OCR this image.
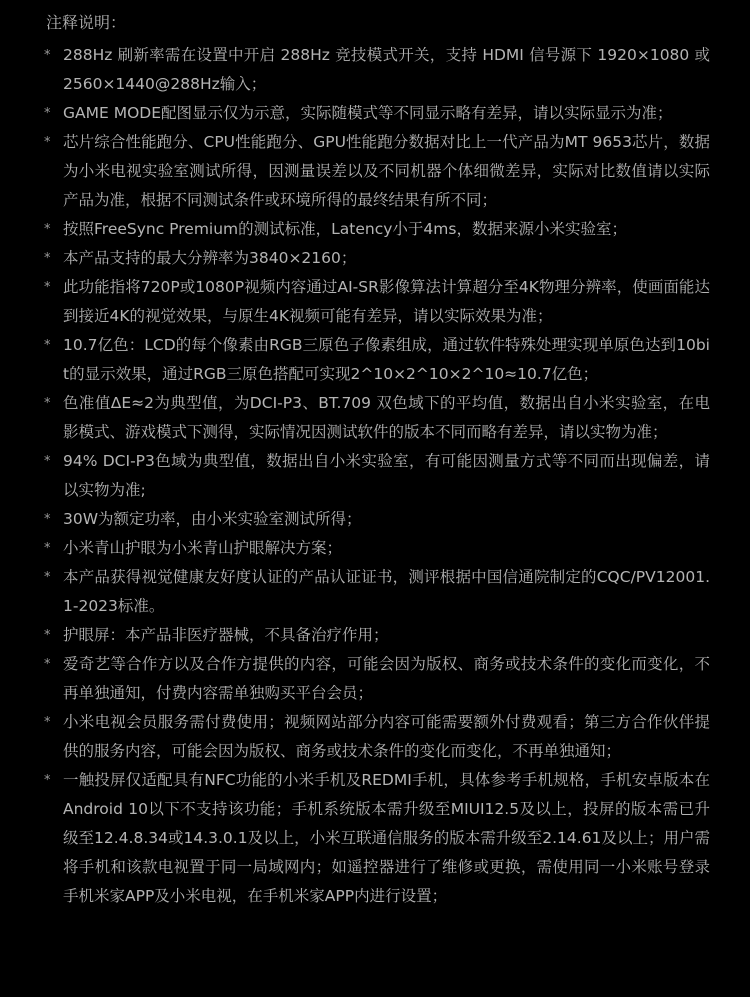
注释说明：
* 288Hz 刷新率需在设置中开启 288Hz 竞技模式开关，支持 HDMI 信号源下 1920×1080 或 2560×1440@288Hz输入；
* GAME MODE配图显示仅为示意，实际随模式等不同显示略有差异，请以实际显示为准；
* 芯片综合性能跑分、CPU性能跑分、GPU性能跑分数据对比上一代产品为MT 9653芯片，数据为小米电视实验室测试所得，因测量误差以及不同机器个体细微差异，实际对比数值请以实际产品为准，根据不同测试条件或环境所得的最终结果有所不同；
* 按照FreeSync Premium的测试标准，Latency小于4ms，数据来源小米实验室；
* 本产品支持的最大分辨率为3840×2160；
* 此功能指将720P或1080P视频内容通过AI-SR影像算法计算超分至4K物理分辨率，使画面能达到接近4K的视觉效果，与原生4K视频可能有差异，请以实际效果为准；
* 10.7亿色：LCD的每个像素由RGB三原色子像素组成，通过软件特殊处理实现单原色达到10bit的显示效果，通过RGB三原色搭配可实现2^10×2^10×2^10≈10.7亿色；
* 色准值ΔE≈2为典型值，为DCI-P3、BT.709 双色域下的平均值，数据出自小米实验室，在电影模式、游戏模式下测得，实际情况因测试软件的版本不同而略有差异，请以实物为准；
* 94% DCI-P3色域为典型值，数据出自小米实验室，有可能因测量方式等不同而出现偏差，请以实物为准;
* 30W为额定功率，由小米实验室测试所得；
* 小米青山护眼为小米青山护眼解决方案；
* 本产品获得视觉健康友好度认证的产品认证证书，测评根据中国信通院制定的CQC/PV12001.1-2023标准。
* 护眼屏：本产品非医疗器械，不具备治疗作用；
* 爱奇艺等合作方以及合作方提供的内容，可能会因为版权、商务或技术条件的变化而变化，不再单独通知，付费内容需单独购买平台会员；
* 小米电视会员服务需付费使用；视频网站部分内容可能需要额外付费观看；第三方合作伙伴提供的服务内容，可能会因为版权、商务或技术条件的变化而变化，不再单独通知；
* 一触投屏仅适配具有NFC功能的小米手机及REDMI手机，具体参考手机规格，手机安卓版本在Android 10以下不支持该功能；手机系统版本需升级至MIUI12.5及以上，投屏的版本需已升级至12.4.8.34或14.3.0.1及以上，小米互联通信服务的版本需升级至2.14.61及以上；用户需将手机和该款电视置于同一局域网内；如遥控器进行了维修或更换，需使用同一小米账号登录手机米家APP及小米电视，在手机米家APP内进行设置；
